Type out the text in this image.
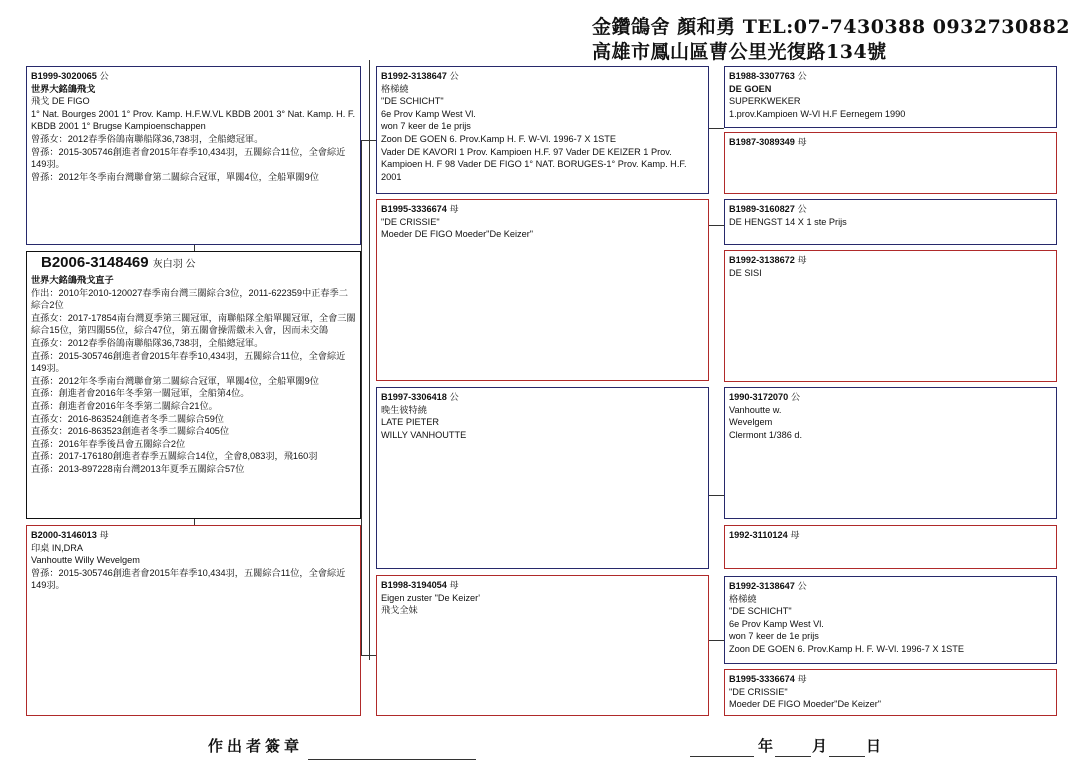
金鑽鴿舍 顏和勇 TEL:07-7430388 0932730882
高雄市鳳山區曹公里光復路134號
B1999-3020065 公
世界大銘鴿飛戈
飛戈 DE FIGO
1° Nat. Bourges 2001 1° Prov. Kamp. H.F.W.VL KBDB 2001 3° Nat. Kamp. H. F. KBDB 2001 1° Brugse Kampioenschappen
曾孫女：2012春季俗鴿南聯船隊36,738羽，全船總冠軍。
曾孫：2015-305746創進者會2015年春季10,434羽，五關綜合11位，全會綜近149羽。
曾孫：2012年冬季南台灣聯會第二關綜合冠軍，單關4位，全船單關9位
B2006-3148469 灰白羽 公
世界大銘鴿飛戈直子
作出：2010年2010-120027春季南台灣三關綜合3位，2011-622359中正春季二綜合2位
直孫女：2017-17854南台灣夏季第三關冠軍，南聯船隊全船單關冠軍，全會三關綜合15位，第四關55位，綜合47位，第五關會操需繳未入會，因而未交鴿
直孫女：2012春季俗鴿南聯船隊36,738羽，全船總冠軍。
直孫：2015-305746創進者會2015年春季10,434羽，五關綜合11位，全會綜近149羽。
直孫：2012年冬季南台灣聯會第二關綜合冠軍，單關4位，全船單關9位
直孫：創進者會2016年冬季第一關冠軍，全船第4位。
直孫：創進者會2016年冬季第二關綜合21位。
直孫女：2016-863524創進者冬季二關綜合59位
直孫女：2016-863523創進者冬季二關綜合405位
直孫：2016年春季後昌會五關綜合2位
直孫：2017-176180創進者春季五關綜合14位，全會8,083羽，飛160羽
直孫：2013-897228南台灣2013年夏季五關綜合57位
B2000-3146013 母
印桌 IN,DRA
Vanhoutte Willy Wevelgem
曾孫：2015-305746創進者會2015年春季10,434羽，五關綜合11位，全會綜近149羽。
B1992-3138647 公
格梯繞
"DE SCHICHT"
6e Prov Kamp West Vl.
won 7 keer de 1e prijs
Zoon DE GOEN 6. Prov.Kamp H. F. W-Vl. 1996-7 X 1STE
Vader DE KAVORI 1 Prov. Kampioen H.F. 97 Vader DE KEIZER 1 Prov. Kampioen H. F 98 Vader DE FIGO 1° NAT. BORUGES-1° Prov. Kamp. H.F. 2001
B1995-3336674 母
"DE CRISSIE"
Moeder DE FIGO Moeder"De Keizer"
B1997-3306418 公
晚生彼特繞
LATE PIETER
WILLY VANHOUTTE
B1998-3194054 母
Eigen zuster "De Keizer'
飛戈全妹
B1988-3307763 公
DE GOEN
SUPERKWEKER
1.prov.Kampioen W-Vl H.F Eernegem 1990
B1987-3089349 母
B1989-3160827 公
DE HENGST 14 X 1 ste Prijs
B1992-3138672 母
DE SISI
1990-3172070 公
Vanhoutte w.
Wevelgem
Clermont 1/386 d.
1992-3110124 母
B1992-3138647 公
格梯繞
"DE SCHICHT"
6e Prov Kamp West Vl.
won 7 keer de 1e prijs
Zoon DE GOEN 6. Prov.Kamp H. F. W-Vl. 1996-7 X 1STE
B1995-3336674 母
"DE CRISSIE"
Moeder DE FIGO Moeder"De Keizer"
作出者簽章	年	月	日
